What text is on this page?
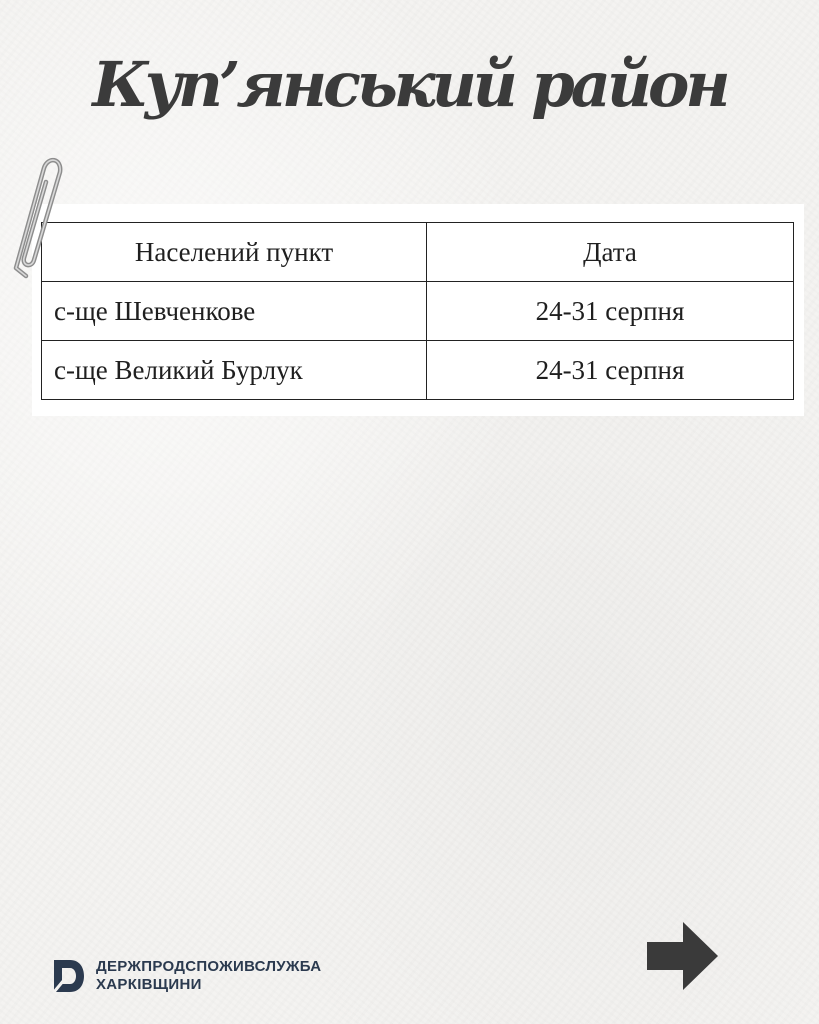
Куп’янський район
Населений пункт	Дата
с-ще Шевченкове	24-31 серпня
с-ще Великий Бурлук	24-31 серпня
ДЕРЖПРОДСПОЖИВСЛУЖБА
ХАРКІВЩИНИ
